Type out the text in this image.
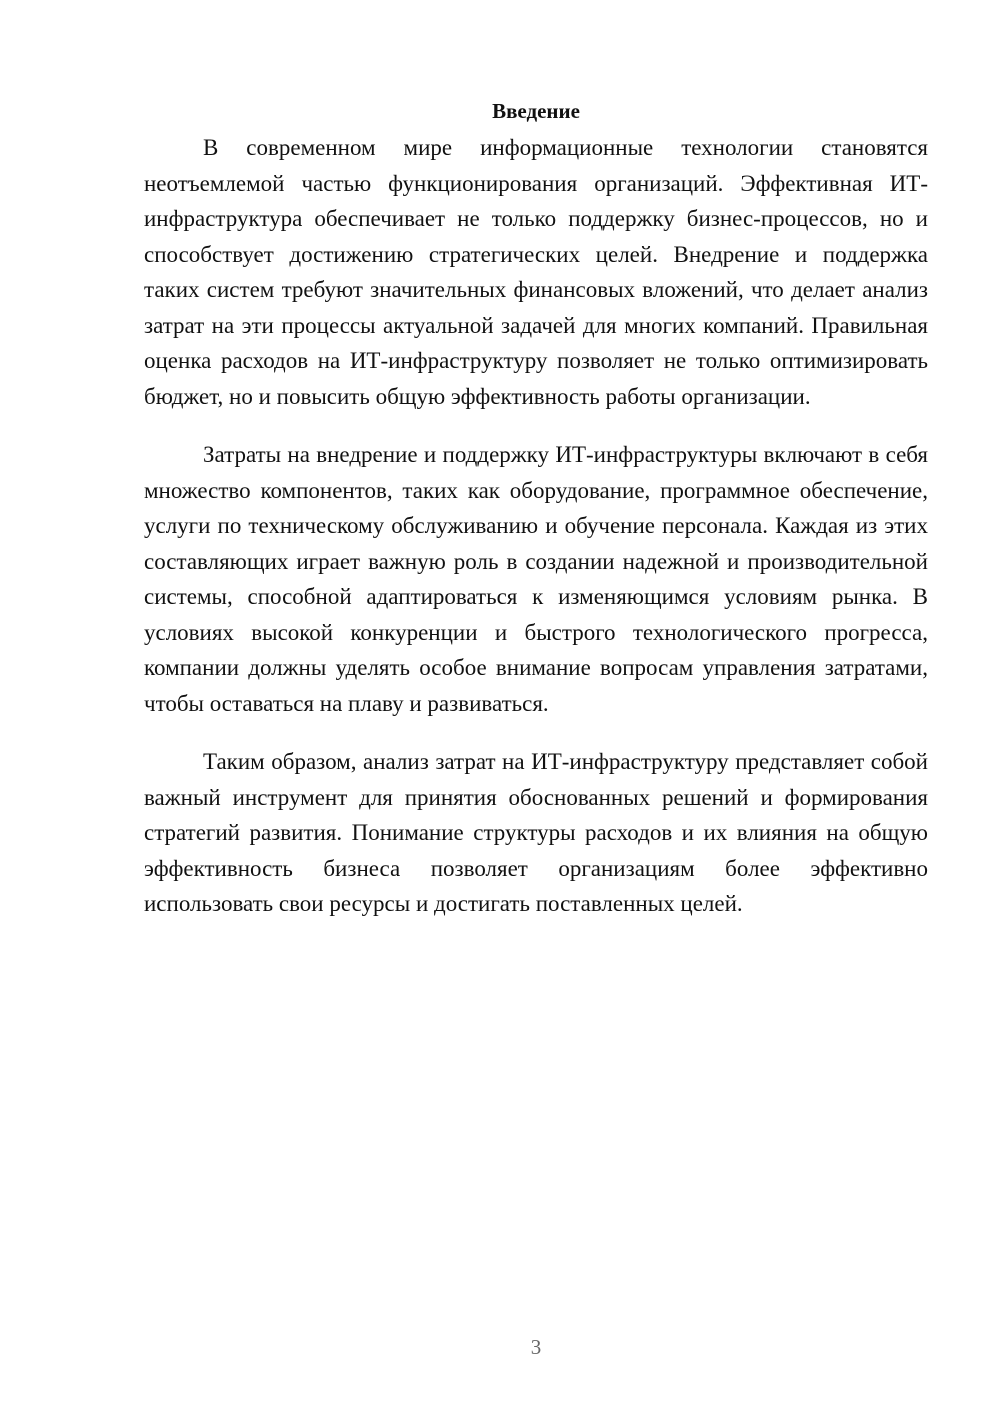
Введение

В современном мире информационные технологии становятся неотъемлемой частью функционирования организаций. Эффективная ИТ-инфраструктура обеспечивает не только поддержку бизнес-процессов, но и способствует достижению стратегических целей. Внедрение и поддержка таких систем требуют значительных финансовых вложений, что делает анализ затрат на эти процессы актуальной задачей для многих компаний. Правильная оценка расходов на ИТ-инфраструктуру позволяет не только оптимизировать бюджет, но и повысить общую эффективность работы организации.

Затраты на внедрение и поддержку ИТ-инфраструктуры включают в себя множество компонентов, таких как оборудование, программное обеспечение, услуги по техническому обслуживанию и обучение персонала. Каждая из этих составляющих играет важную роль в создании надежной и производительной системы, способной адаптироваться к изменяющимся условиям рынка. В условиях высокой конкуренции и быстрого технологического прогресса, компании должны уделять особое внимание вопросам управления затратами, чтобы оставаться на плаву и развиваться.

Таким образом, анализ затрат на ИТ-инфраструктуру представляет собой важный инструмент для принятия обоснованных решений и формирования стратегий развития. Понимание структуры расходов и их влияния на общую эффективность бизнеса позволяет организациям более эффективно использовать свои ресурсы и достигать поставленных целей.

3
